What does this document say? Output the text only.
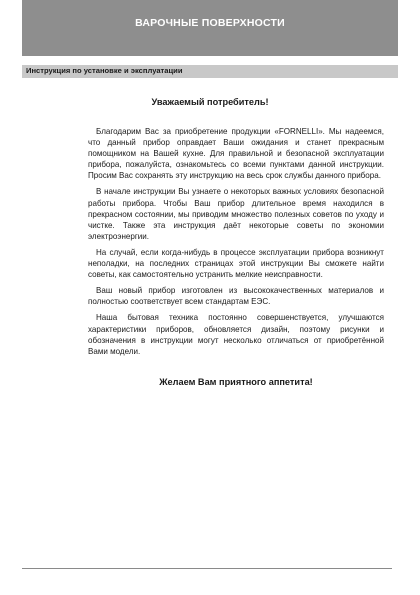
ВАРОЧНЫЕ ПОВЕРХНОСТИ
Инструкция по установке и эксплуатации
Уважаемый потребитель!

Благодарим Вас за приобретение продукции «FORNELLI». Мы надеемся, что данный прибор оправдает Ваши ожидания и станет прекрасным помощником на Вашей кухне. Для правильной и безопасной эксплуатации прибора, пожалуйста, ознакомьтесь со всеми пунктами данной инструкции. Просим Вас сохранять эту инструкцию на весь срок службы данного прибора.

В начале инструкции Вы узнаете о некоторых важных условиях безопасной работы прибора. Чтобы Ваш прибор длительное время находился в прекрасном состоянии, мы приводим множество полезных советов по уходу и чистке. Также эта инструкция даёт некоторые советы по экономии электроэнергии.

На случай, если когда-нибудь в процессе эксплуатации прибора возникнут неполадки, на последних страницах этой инструкции Вы сможете найти советы, как самостоятельно устранить мелкие неисправности.

Ваш новый прибор изготовлен из высококачественных материалов и полностью соответствует всем стандартам ЕЭС.

Наша бытовая техника постоянно совершенствуется, улучшаются характеристики приборов, обновляется дизайн, поэтому рисунки и обозначения в инструкции могут несколько отличаться от приобретённой Вами модели.

Желаем Вам приятного аппетита!
